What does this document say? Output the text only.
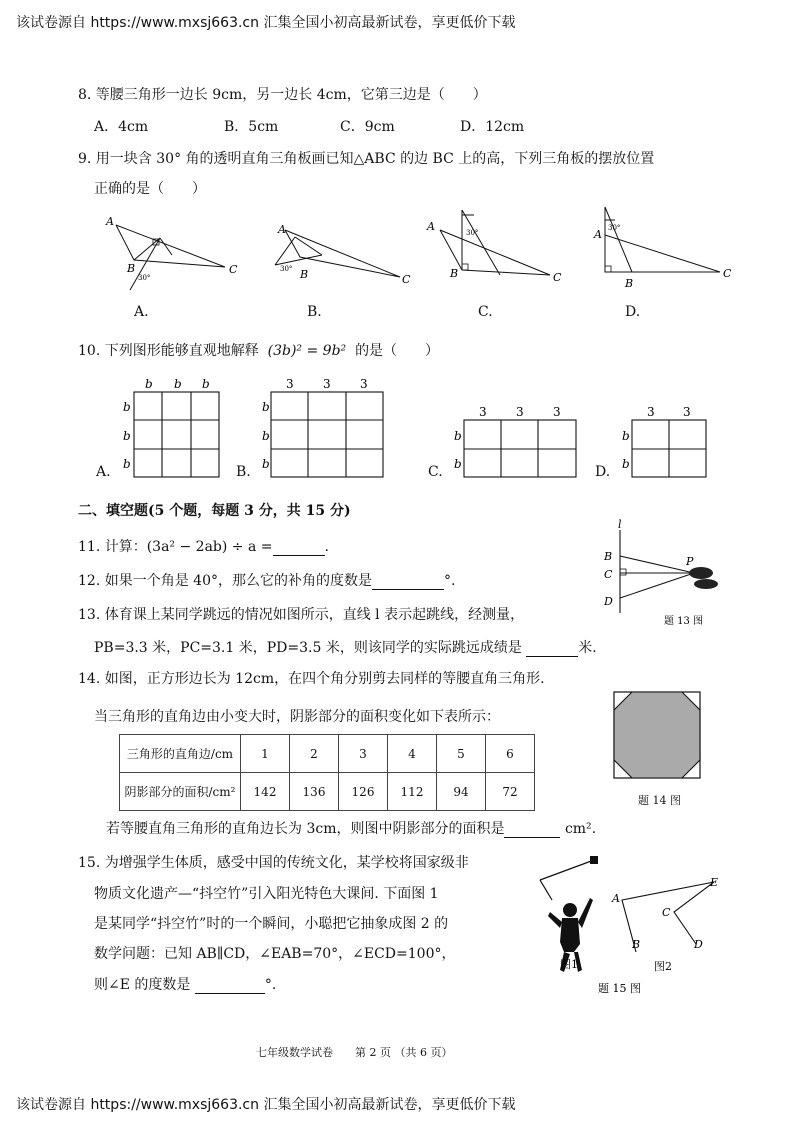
该试卷源自 https://www.mxsj663.cn 汇集全国小初高最新试卷，享更低价下载
8. 等腰三角形一边长 9cm，另一边长 4cm，它第三边是（　　）
A．4cm	B．5cm	C．9cm	D．12cm
9. 用一块含 30° 角的透明直角三角板画已知△ABC 的边 BC 上的高，下列三角板的摆放位置
正确的是（　　）
A
B	C
30°
A
B	C
30°
A
B	C
30°	A
B
C
30°
A.	B.	C.	D.
10. 下列图形能够直观地解释 (3b)² = 9b² 的是（　　）
b b b
b
b
b
3 3 3
b
b
b
3 3 3
b
b
3 3
b
b
A.	B.	C.	D.
二、填空题(5 个题，每题 3 分，共 15 分)
11. 计算：(3a² − 2ab) ÷ a =	.
12. 如果一个角是 40°，那么它的补角的度数是	°.
l
B
C
D
P
题 13 图
13. 体育课上某同学跳远的情况如图所示，直线 l 表示起跳线，经测量，
PB=3.3 米，PC=3.1 米，PD=3.5 米，则该同学的实际跳远成绩是	米.
14. 如图，正方形边长为 12cm，在四个角分别剪去同样的等腰直角三角形.
当三角形的直角边由小变大时，阴影部分的面积变化如下表所示：
题 14 图
三角形的直角边/cm	1	2	3	4	5	6
阴影部分的面积/cm²	142	136	126	112	94	72
若等腰直角三角形的直角边长为 3cm，则图中阴影部分的面积是	cm².
15. 为增强学生体质，感受中国的传统文化，某学校将国家级非
物质文化遗产—“抖空竹”引入阳光特色大课间. 下面图 1
是某同学“抖空竹”时的一个瞬间，小聪把它抽象成图 2 的
数学问题：已知 AB∥CD，∠EAB=70°，∠ECD=100°，
则∠E 的度数是	°.
图1
A
B
C
D
E
图2
题 15 图
七年级数学试卷　　第 2 页 （共 6 页）
该试卷源自 https://www.mxsj663.cn 汇集全国小初高最新试卷，享更低价下载
